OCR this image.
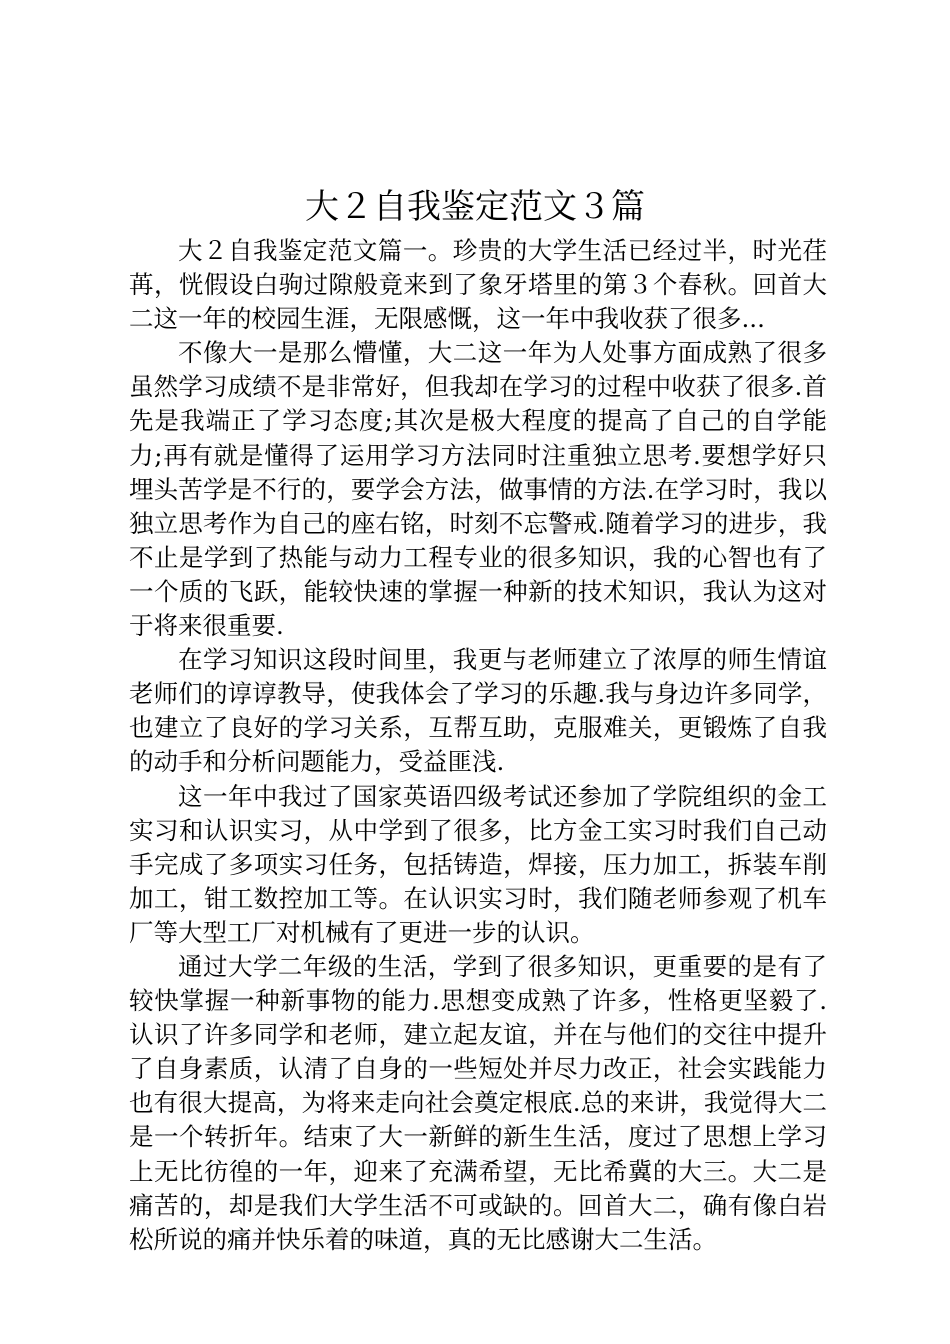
大２自我鉴定范文３篇

大２自我鉴定范文篇一。珍贵的大学生活已经过半，时光荏苒，恍假设白驹过隙般竟来到了象牙塔里的第３个春秋。回首大二这一年的校园生涯，无限感慨，这一年中我收获了很多...

不像大一是那么懵懂，大二这一年为人处事方面成熟了很多虽然学习成绩不是非常好，但我却在学习的过程中收获了很多.首先是我端正了学习态度;其次是极大程度的提高了自己的自学能力;再有就是懂得了运用学习方法同时注重独立思考.要想学好只埋头苦学是不行的，要学会方法，做事情的方法.在学习时，我以独立思考作为自己的座右铭，时刻不忘警戒.随着学习的进步，我不止是学到了热能与动力工程专业的很多知识，我的心智也有了一个质的飞跃，能较快速的掌握一种新的技术知识，我认为这对于将来很重要.

在学习知识这段时间里，我更与老师建立了浓厚的师生情谊老师们的谆谆教导，使我体会了学习的乐趣.我与身边许多同学，也建立了良好的学习关系，互帮互助，克服难关，更锻炼了自我的动手和分析问题能力，受益匪浅.

这一年中我过了国家英语四级考试还参加了学院组织的金工实习和认识实习，从中学到了很多，比方金工实习时我们自己动手完成了多项实习任务，包括铸造，焊接，压力加工，拆装车削加工，钳工数控加工等。在认识实习时，我们随老师参观了机车厂等大型工厂对机械有了更进一步的认识。

通过大学二年级的生活，学到了很多知识，更重要的是有了较快掌握一种新事物的能力.思想变成熟了许多，性格更坚毅了.认识了许多同学和老师，建立起友谊，并在与他们的交往中提升了自身素质，认清了自身的一些短处并尽力改正，社会实践能力也有很大提高，为将来走向社会奠定根底.总的来讲，我觉得大二是一个转折年。结束了大一新鲜的新生生活，度过了思想上学习上无比彷徨的一年，迎来了充满希望，无比希冀的大三。大二是痛苦的，却是我们大学生活不可或缺的。回首大二，确有像白岩松所说的痛并快乐着的味道，真的无比感谢大二生活。
